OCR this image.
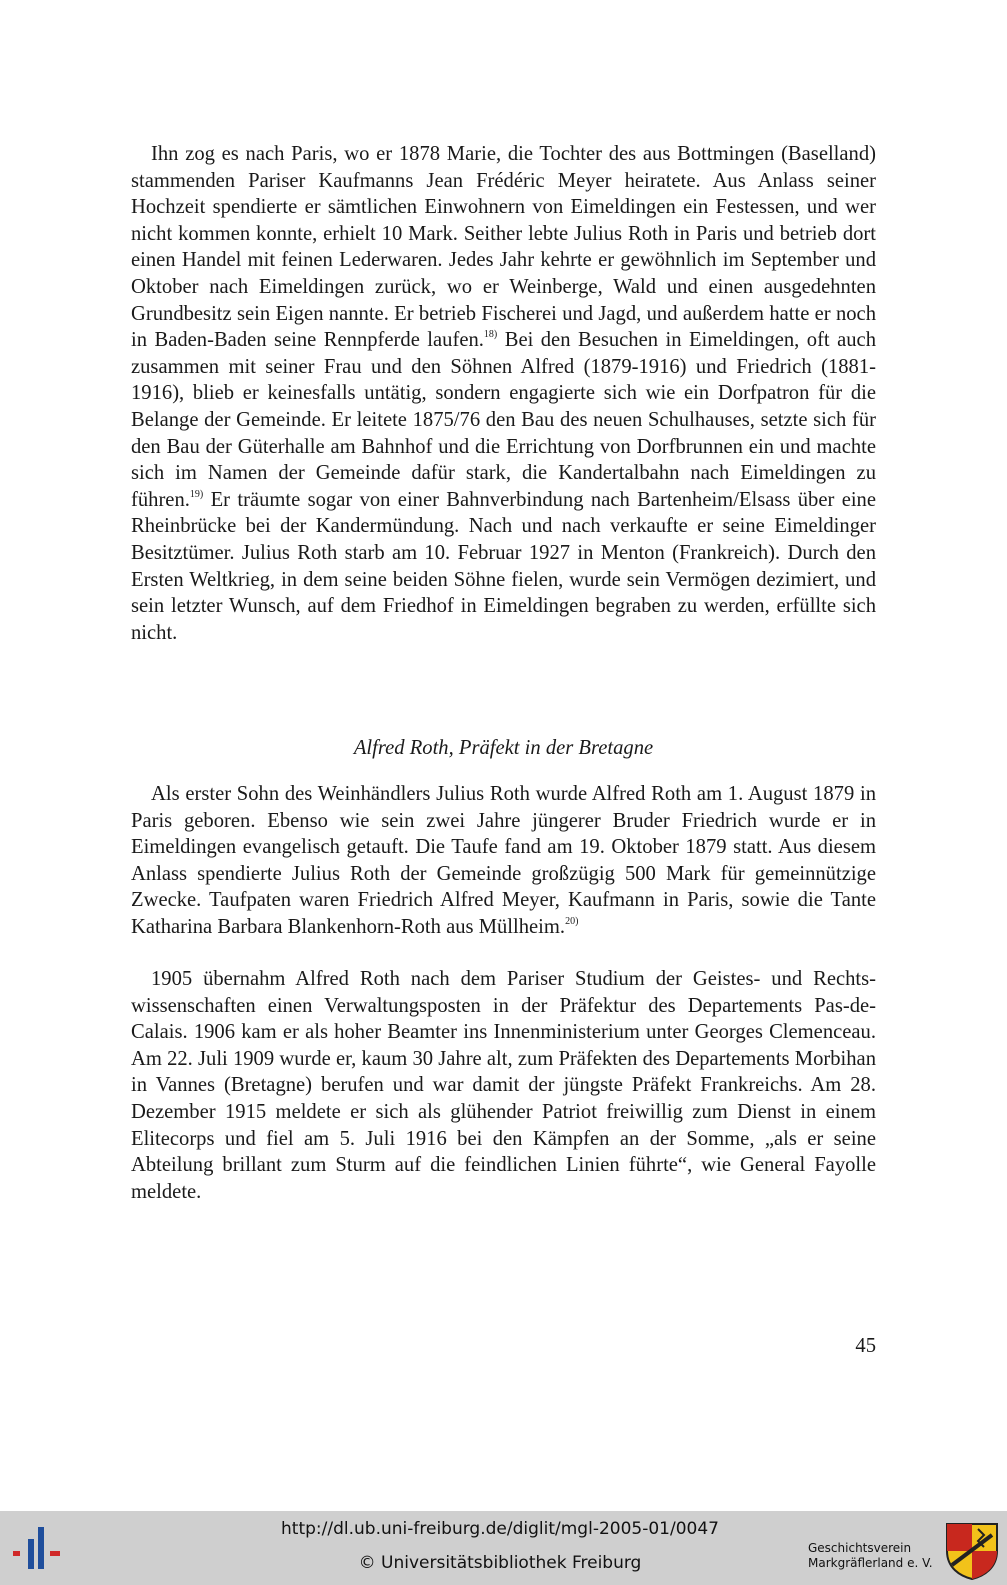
Ihn zog es nach Paris, wo er 1878 Marie, die Tochter des aus Bottmingen (Baselland) stammenden Pariser Kaufmanns Jean Frédéric Meyer heiratete. Aus Anlass seiner Hochzeit spendierte er sämtlichen Einwohnern von Eimeldingen ein Festessen, und wer nicht kommen konnte, erhielt 10 Mark. Seither lebte Julius Roth in Paris und betrieb dort einen Handel mit feinen Lederwaren. Jedes Jahr kehrte er gewöhnlich im September und Oktober nach Eimeldingen zurück, wo er Weinberge, Wald und einen ausgedehnten Grundbesitz sein Eigen nannte. Er betrieb Fischerei und Jagd, und außerdem hatte er noch in Baden-Baden seine Rennpferde laufen.$^{18)}$ Bei den Besuchen in Eimeldingen, oft auch zusammen mit seiner Frau und den Söhnen Alfred (1879-1916) und Friedrich (1881-1916), blieb er keinesfalls untätig, sondern engagierte sich wie ein Dorfpatron für die Belange der Gemeinde. Er leitete 1875/76 den Bau des neuen Schulhauses, setzte sich für den Bau der Güterhalle am Bahnhof und die Errichtung von Dorfbrunnen ein und machte sich im Namen der Gemeinde dafür stark, die Kandertalbahn nach Eimeldingen zu führen.$^{19)}$ Er träumte sogar von einer Bahnverbindung nach Bartenheim/Elsass über eine Rheinbrücke bei der Kandermündung. Nach und nach verkaufte er seine Eimeldinger Besitztümer. Julius Roth starb am 10. Februar 1927 in Menton (Frankreich). Durch den Ersten Weltkrieg, in dem seine beiden Söhne fielen, wurde sein Vermögen dezimiert, und sein letzter Wunsch, auf dem Friedhof in Eimeldingen begraben zu werden, erfüllte sich nicht.

Alfred Roth, Präfekt in der Bretagne

Als erster Sohn des Weinhändlers Julius Roth wurde Alfred Roth am 1. August 1879 in Paris geboren. Ebenso wie sein zwei Jahre jüngerer Bruder Friedrich wurde er in Eimeldingen evangelisch getauft. Die Taufe fand am 19. Oktober 1879 statt. Aus diesem Anlass spendierte Julius Roth der Gemeinde großzügig 500 Mark für gemeinnützige Zwecke. Taufpaten waren Friedrich Alfred Meyer, Kaufmann in Paris, sowie die Tante Katharina Barbara Blankenhorn-Roth aus Müllheim.$^{20)}$

1905 übernahm Alfred Roth nach dem Pariser Studium der Geistes- und Rechtswissenschaften einen Verwaltungsposten in der Präfektur des Departements Pas-de-Calais. 1906 kam er als hoher Beamter ins Innenministerium unter Georges Clemenceau. Am 22. Juli 1909 wurde er, kaum 30 Jahre alt, zum Präfekten des Departements Morbihan in Vannes (Bretagne) berufen und war damit der jüngste Präfekt Frankreichs. Am 28. Dezember 1915 meldete er sich als glühender Patriot freiwillig zum Dienst in einem Elitecorps und fiel am 5. Juli 1916 bei den Kämpfen an der Somme, „als er seine Abteilung brillant zum Sturm auf die feindlichen Linien führte“, wie General Fayolle meldete.

45
http://dl.ub.uni-freiburg.de/diglit/mgl-2005-01/0047
© Universitätsbibliothek Freiburg
Geschichtsverein
Markgräflerland e. V.
